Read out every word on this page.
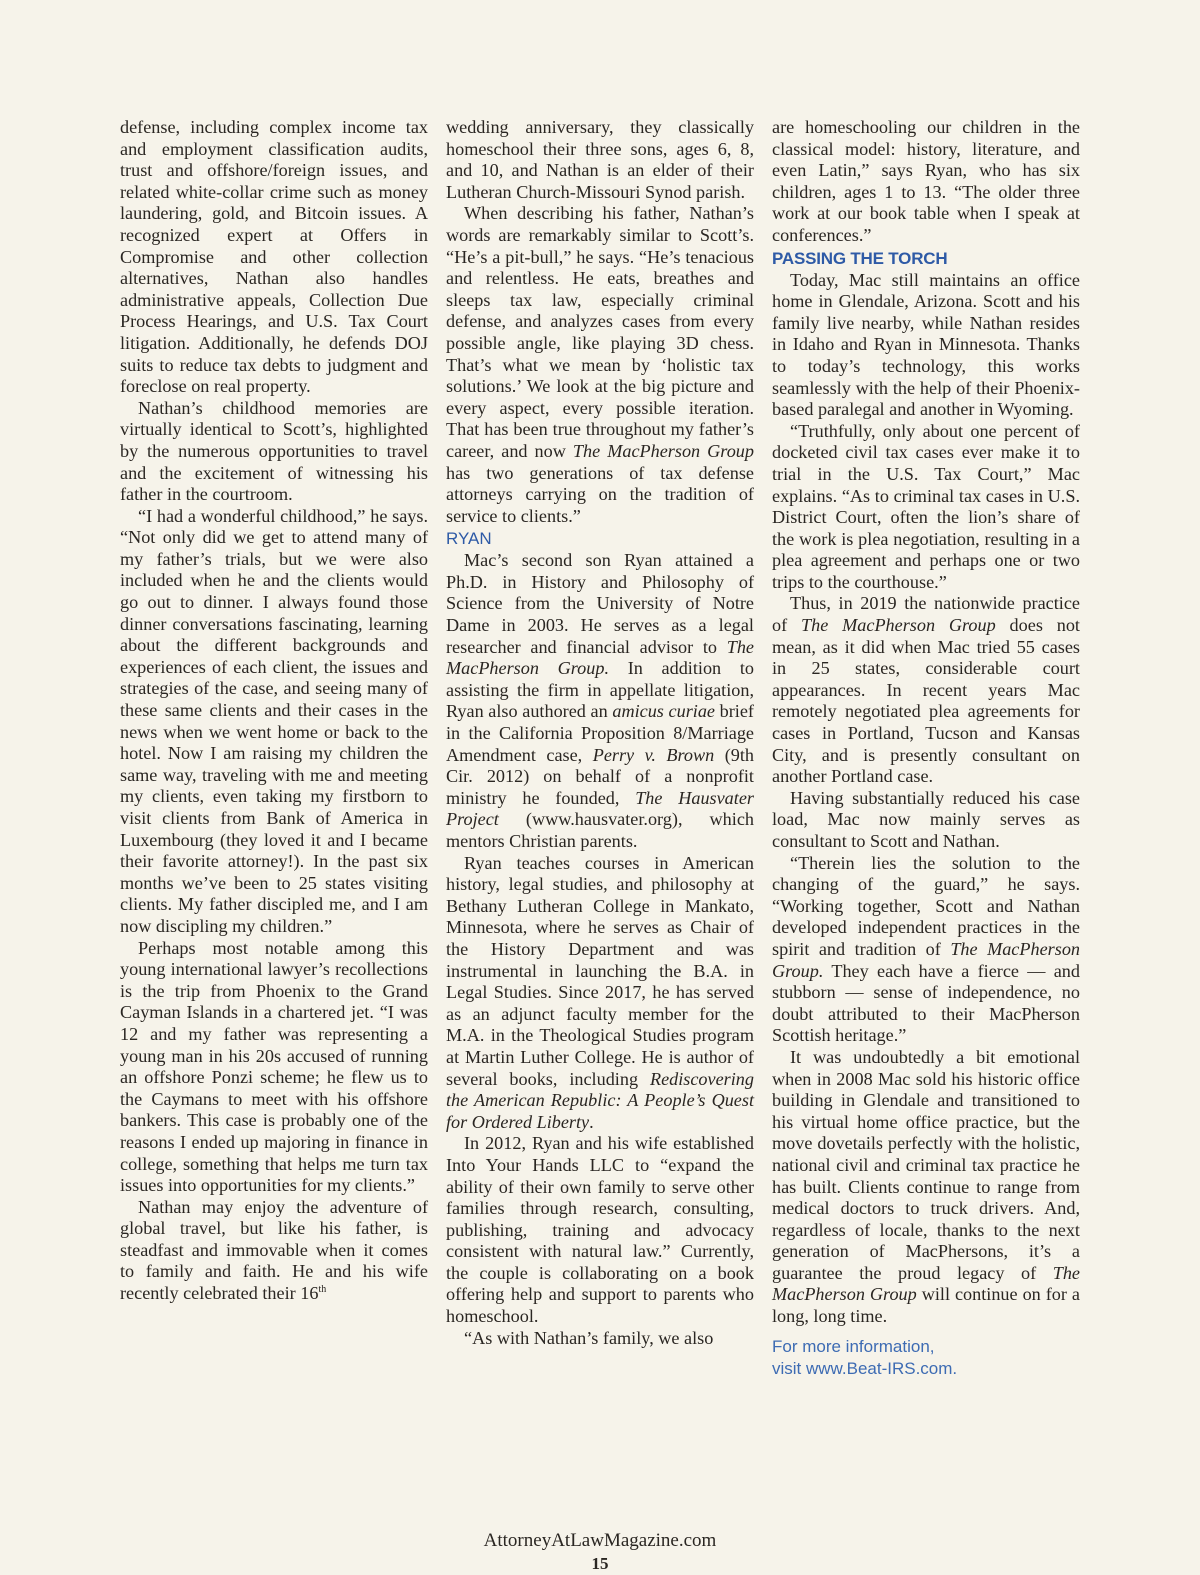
defense, including complex income tax and employment classification audits, trust and offshore/foreign issues, and related white-collar crime such as money laundering, gold, and Bitcoin issues. A recognized expert at Offers in Compromise and other collection alternatives, Nathan also handles administrative appeals, Collection Due Process Hearings, and U.S. Tax Court litigation. Additionally, he defends DOJ suits to reduce tax debts to judgment and foreclose on real property.

Nathan’s childhood memories are virtually identical to Scott’s, highlighted by the numerous opportunities to travel and the excitement of witnessing his father in the courtroom.

“I had a wonderful childhood,” he says. “Not only did we get to attend many of my father’s trials, but we were also included when he and the clients would go out to dinner. I always found those dinner conversations fascinating, learning about the different backgrounds and experiences of each client, the issues and strategies of the case, and seeing many of these same clients and their cases in the news when we went home or back to the hotel. Now I am raising my children the same way, traveling with me and meeting my clients, even taking my firstborn to visit clients from Bank of America in Luxembourg (they loved it and I became their favorite attorney!). In the past six months we’ve been to 25 states visiting clients. My father discipled me, and I am now discipling my children.”

Perhaps most notable among this young international lawyer’s recollections is the trip from Phoenix to the Grand Cayman Islands in a chartered jet. “I was 12 and my father was representing a young man in his 20s accused of running an offshore Ponzi scheme; he flew us to the Caymans to meet with his offshore bankers. This case is probably one of the reasons I ended up majoring in finance in college, something that helps me turn tax issues into opportunities for my clients.”

Nathan may enjoy the adventure of global travel, but like his father, is steadfast and immovable when it comes to family and faith. He and his wife recently celebrated their 16th

wedding anniversary, they classically homeschool their three sons, ages 6, 8, and 10, and Nathan is an elder of their Lutheran Church-Missouri Synod parish.

When describing his father, Nathan’s words are remarkably similar to Scott’s. “He’s a pit-bull,” he says. “He’s tenacious and relentless. He eats, breathes and sleeps tax law, especially criminal defense, and analyzes cases from every possible angle, like playing 3D chess. That’s what we mean by ‘holistic tax solutions.’ We look at the big picture and every aspect, every possible iteration. That has been true throughout my father’s career, and now The MacPherson Group has two generations of tax defense attorneys carrying on the tradition of service to clients.”

RYAN

Mac’s second son Ryan attained a Ph.D. in History and Philosophy of Science from the University of Notre Dame in 2003. He serves as a legal researcher and financial advisor to The MacPherson Group. In addition to assisting the firm in appellate litigation, Ryan also authored an amicus curiae brief in the California Proposition 8/Marriage Amendment case, Perry v. Brown (9th Cir. 2012) on behalf of a nonprofit ministry he founded, The Hausvater Project (www.hausvater.org), which mentors Christian parents.

Ryan teaches courses in American history, legal studies, and philosophy at Bethany Lutheran College in Mankato, Minnesota, where he serves as Chair of the History Department and was instrumental in launching the B.A. in Legal Studies. Since 2017, he has served as an adjunct faculty member for the M.A. in the Theological Studies program at Martin Luther College. He is author of several books, including Rediscovering the American Republic: A People’s Quest for Ordered Liberty.

In 2012, Ryan and his wife established Into Your Hands LLC to “expand the ability of their own family to serve other families through research, consulting, publishing, training and advocacy consistent with natural law.” Currently, the couple is collaborating on a book offering help and support to parents who homeschool.

“As with Nathan’s family, we also

are homeschooling our children in the classical model: history, literature, and even Latin,” says Ryan, who has six children, ages 1 to 13. “The older three work at our book table when I speak at conferences.”

PASSING THE TORCH

Today, Mac still maintains an office home in Glendale, Arizona. Scott and his family live nearby, while Nathan resides in Idaho and Ryan in Minnesota. Thanks to today’s technology, this works seamlessly with the help of their Phoenix-based paralegal and another in Wyoming.

“Truthfully, only about one percent of docketed civil tax cases ever make it to trial in the U.S. Tax Court,” Mac explains. “As to criminal tax cases in U.S. District Court, often the lion’s share of the work is plea negotiation, resulting in a plea agreement and perhaps one or two trips to the courthouse.”

Thus, in 2019 the nationwide practice of The MacPherson Group does not mean, as it did when Mac tried 55 cases in 25 states, considerable court appearances. In recent years Mac remotely negotiated plea agreements for cases in Portland, Tucson and Kansas City, and is presently consultant on another Portland case.

Having substantially reduced his case load, Mac now mainly serves as consultant to Scott and Nathan.

“Therein lies the solution to the changing of the guard,” he says. “Working together, Scott and Nathan developed independent practices in the spirit and tradition of The MacPherson Group. They each have a fierce — and stubborn — sense of independence, no doubt attributed to their MacPherson Scottish heritage.”

It was undoubtedly a bit emotional when in 2008 Mac sold his historic office building in Glendale and transitioned to his virtual home office practice, but the move dovetails perfectly with the holistic, national civil and criminal tax practice he has built. Clients continue to range from medical doctors to truck drivers. And, regardless of locale, thanks to the next generation of MacPhersons, it’s a guarantee the proud legacy of The MacPherson Group will continue on for a long, long time.

For more information,
visit www.Beat-IRS.com.
AttorneyAtLawMagazine.com
15
